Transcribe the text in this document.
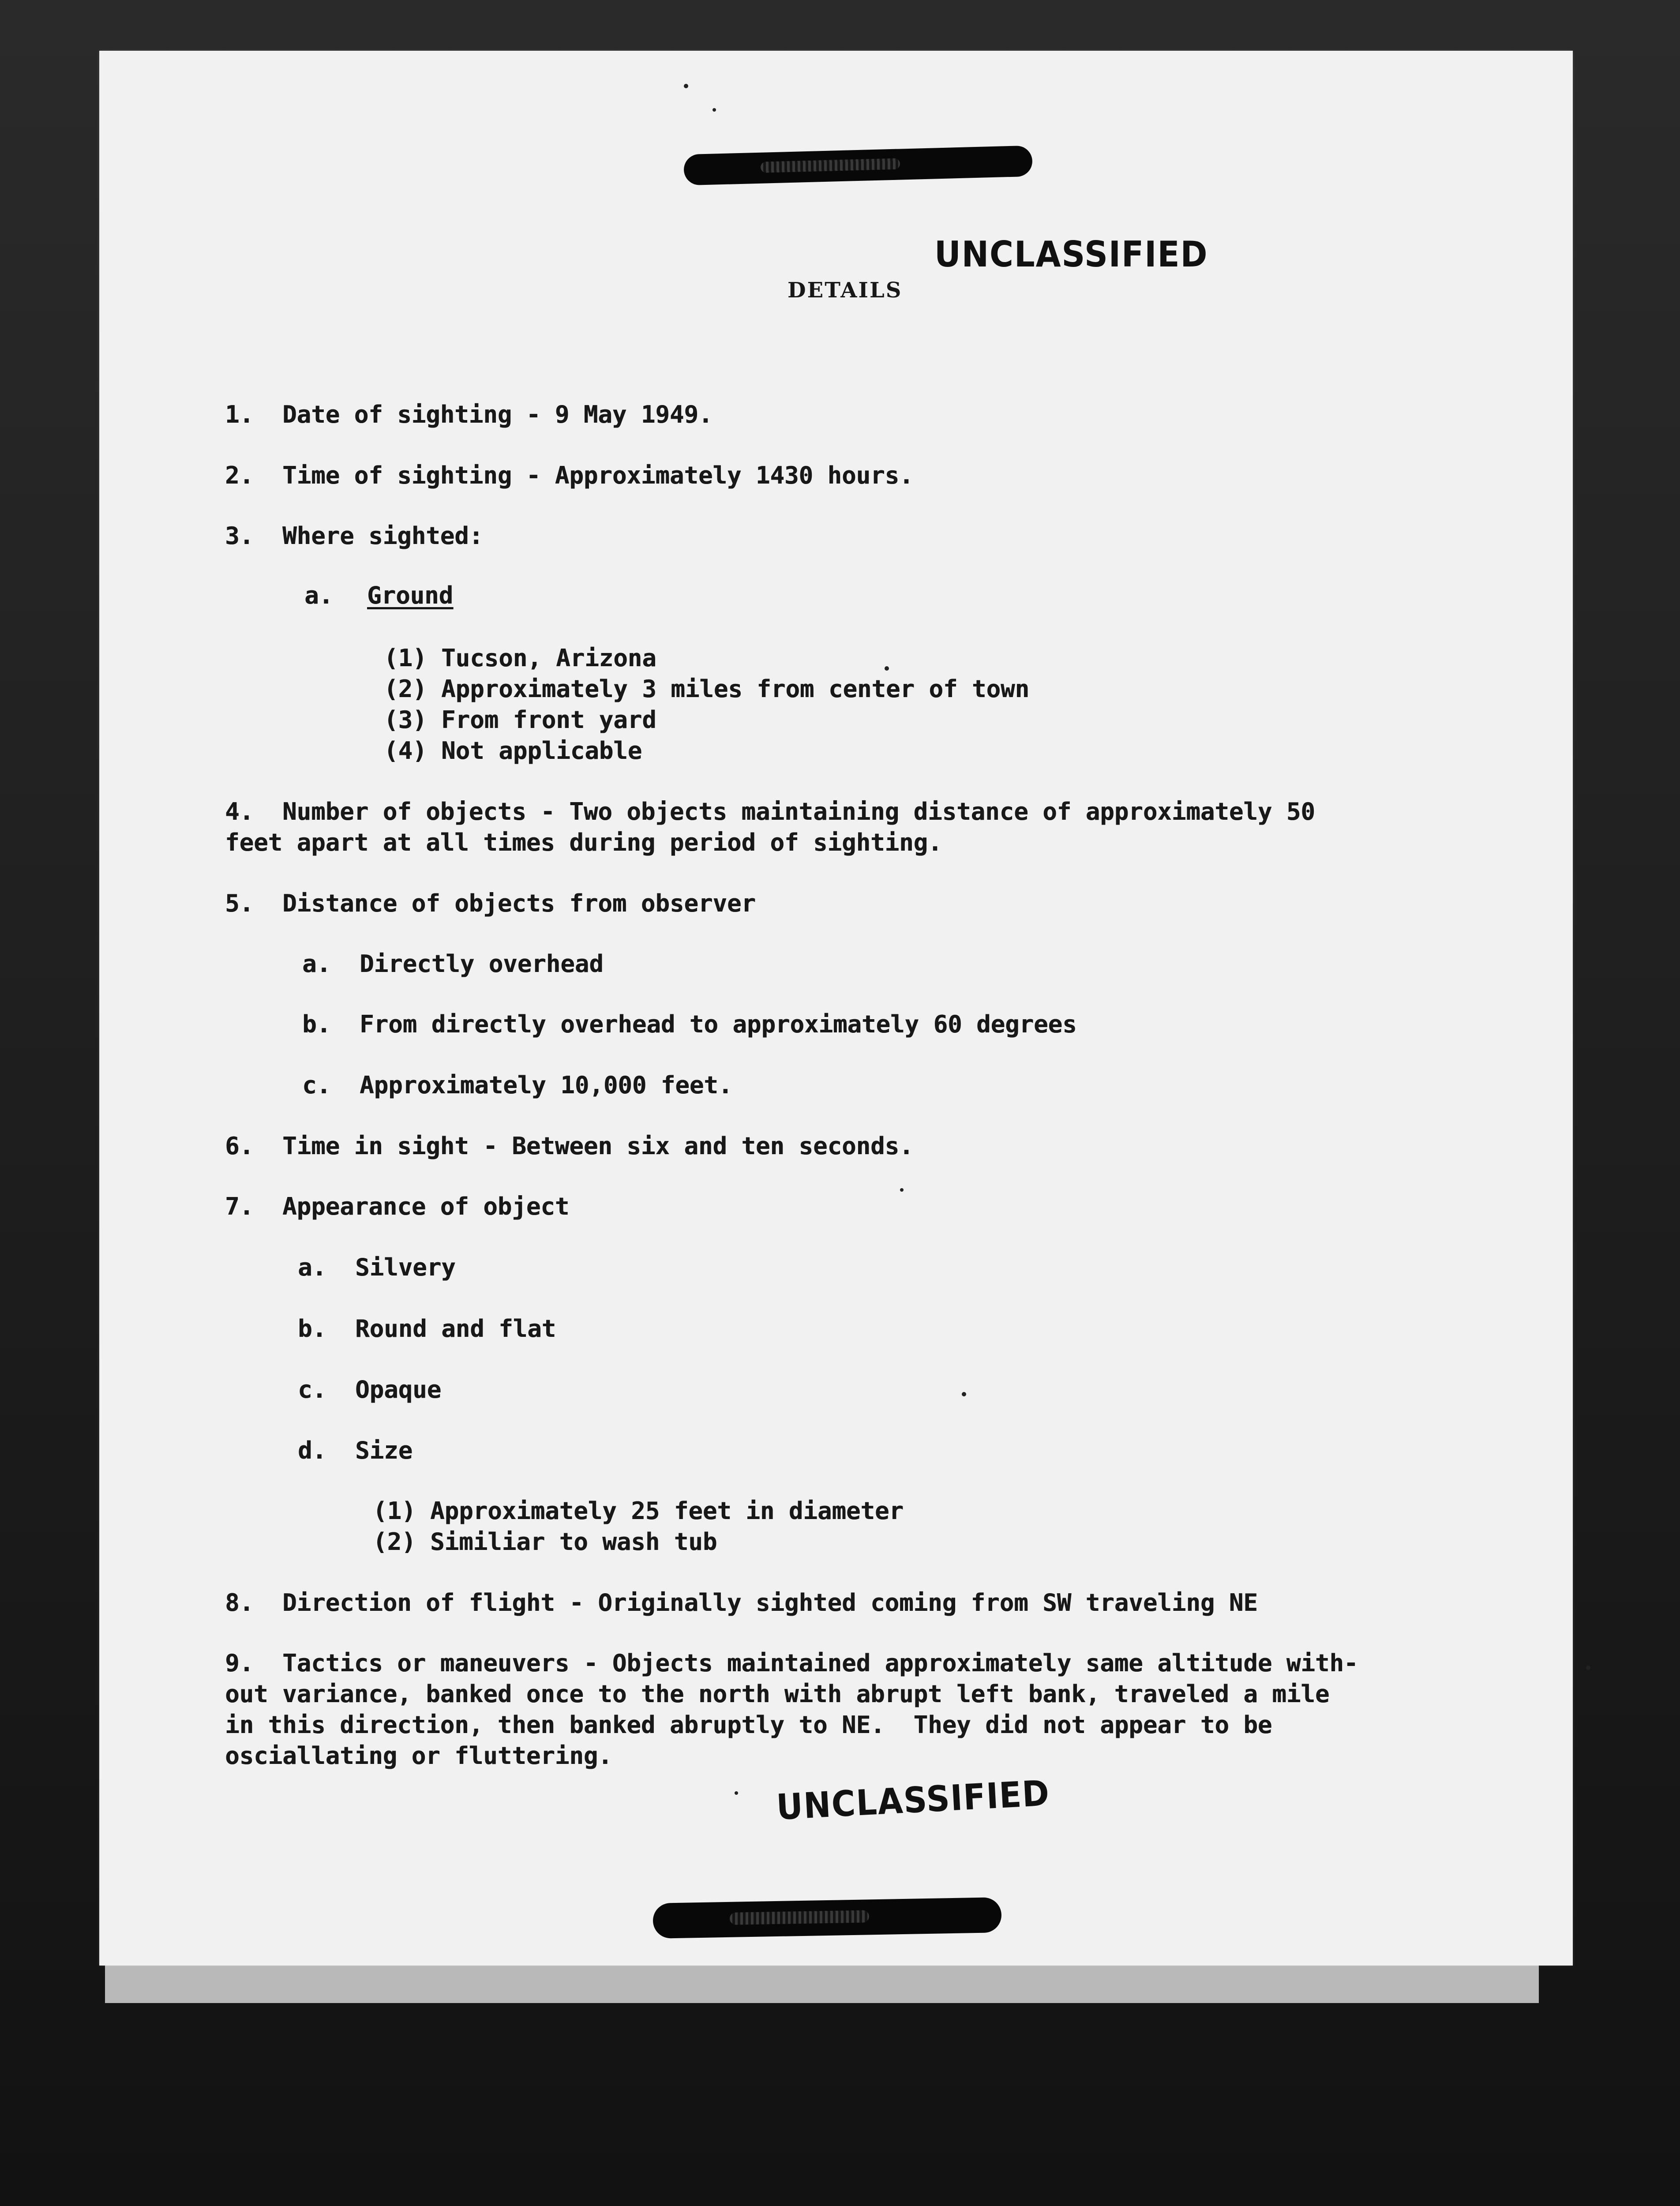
UNCLASSIFIED
DETAILS
1.  Date of sighting - 9 May 1949.
2.  Time of sighting - Approximately 1430 hours.
3.  Where sighted:
a. Ground
(1) Tucson, Arizona
(2) Approximately 3 miles from center of town
(3) From front yard
(4) Not applicable
4.  Number of objects - Two objects maintaining distance of approximately 50
feet apart at all times during period of sighting.
5.  Distance of objects from observer
a.  Directly overhead
b.  From directly overhead to approximately 60 degrees
c.  Approximately 10,000 feet.
6.  Time in sight - Between six and ten seconds.
7.  Appearance of object
a.  Silvery
b.  Round and flat
c.  Opaque
d.  Size
(1) Approximately 25 feet in diameter
(2) Similiar to wash tub
8.  Direction of flight - Originally sighted coming from SW traveling NE
9.  Tactics or maneuvers - Objects maintained approximately same altitude with-
out variance, banked once to the north with abrupt left bank, traveled a mile
in this direction, then banked abruptly to NE.  They did not appear to be
osciallating or fluttering.
UNCLASSIFIED
